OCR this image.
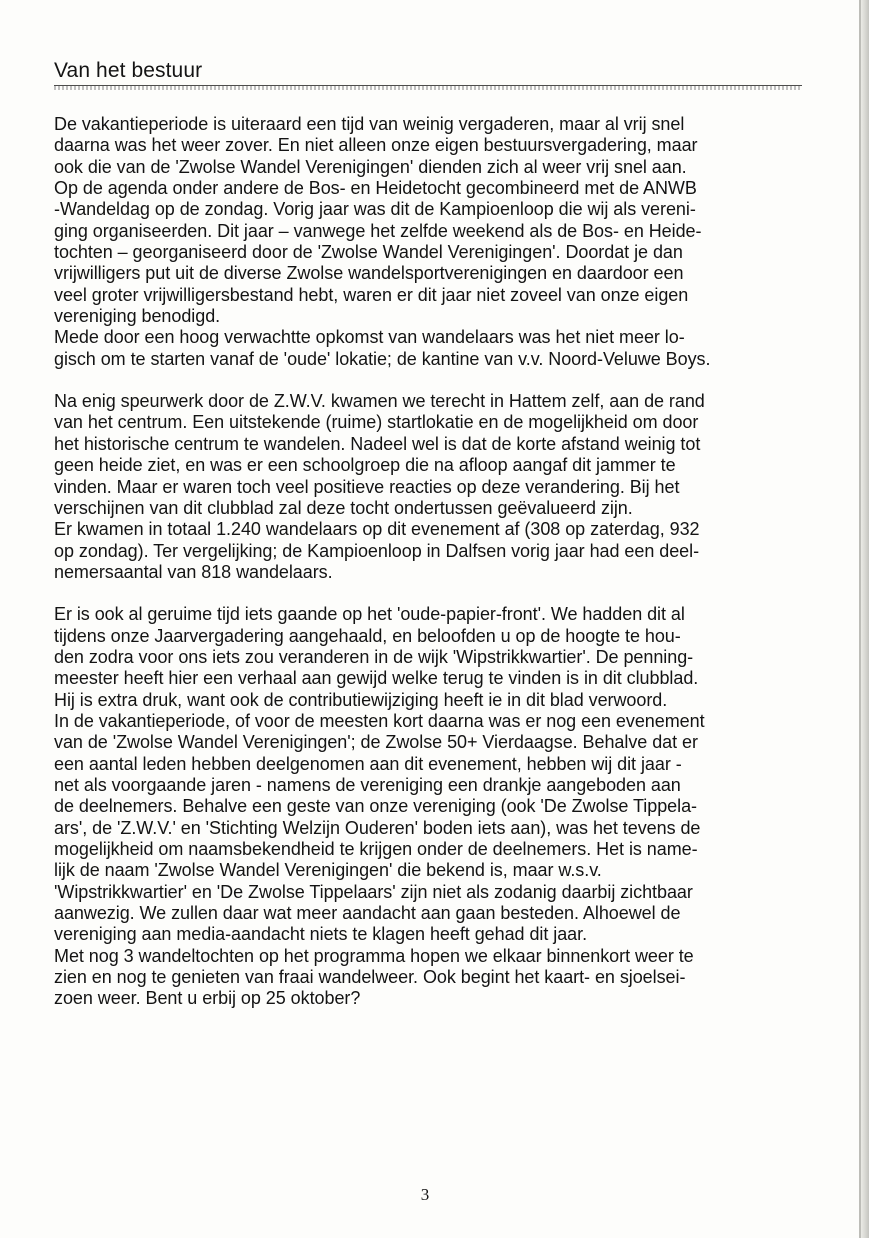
Van het bestuur

De vakantieperiode is uiteraard een tijd van weinig vergaderen, maar al vrij snel
daarna was het weer zover. En niet alleen onze eigen bestuursvergadering, maar
ook die van de 'Zwolse Wandel Verenigingen' dienden zich al weer vrij snel aan.
Op de agenda onder andere de Bos- en Heidetocht gecombineerd met de ANWB
-Wandeldag op de zondag. Vorig jaar was dit de Kampioenloop die wij als vereni-
ging organiseerden. Dit jaar – vanwege het zelfde weekend als de Bos- en Heide-
tochten – georganiseerd door de 'Zwolse Wandel Verenigingen'. Doordat je dan
vrijwilligers put uit de diverse Zwolse wandelsportverenigingen en daardoor een
veel groter vrijwilligersbestand hebt, waren er dit jaar niet zoveel van onze eigen
vereniging benodigd.
Mede door een hoog verwachtte opkomst van wandelaars was het niet meer lo-
gisch om te starten vanaf de 'oude' lokatie; de kantine van v.v. Noord-Veluwe Boys.

Na enig speurwerk door de Z.W.V. kwamen we terecht in Hattem zelf, aan de rand
van het centrum. Een uitstekende (ruime) startlokatie en de mogelijkheid om door
het historische centrum te wandelen. Nadeel wel is dat de korte afstand weinig tot
geen heide ziet, en was er een schoolgroep die na afloop aangaf dit jammer te
vinden. Maar er waren toch veel positieve reacties op deze verandering. Bij het
verschijnen van dit clubblad zal deze tocht ondertussen geëvalueerd zijn.
Er kwamen in totaal 1.240 wandelaars op dit evenement af (308 op zaterdag, 932
op zondag). Ter vergelijking; de Kampioenloop in Dalfsen vorig jaar had een deel-
nemersaantal van 818 wandelaars.

Er is ook al geruime tijd iets gaande op het 'oude-papier-front'. We hadden dit al
tijdens onze Jaarvergadering aangehaald, en beloofden u op de hoogte te hou-
den zodra voor ons iets zou veranderen in de wijk 'Wipstrikkwartier'. De penning-
meester heeft hier een verhaal aan gewijd welke terug te vinden is in dit clubblad.
Hij is extra druk, want ook de contributiewijziging heeft ie in dit blad verwoord.
In de vakantieperiode, of voor de meesten kort daarna was er nog een evenement
van de 'Zwolse Wandel Verenigingen'; de Zwolse 50+ Vierdaagse. Behalve dat er
een aantal leden hebben deelgenomen aan dit evenement, hebben wij dit jaar -
net als voorgaande jaren - namens de vereniging een drankje aangeboden aan
de deelnemers. Behalve een geste van onze vereniging (ook 'De Zwolse Tippela-
ars', de 'Z.W.V.' en 'Stichting Welzijn Ouderen' boden iets aan), was het tevens de
mogelijkheid om naamsbekendheid te krijgen onder de deelnemers. Het is name-
lijk de naam 'Zwolse Wandel Verenigingen' die bekend is, maar w.s.v.
'Wipstrikkwartier' en 'De Zwolse Tippelaars' zijn niet als zodanig daarbij zichtbaar
aanwezig. We zullen daar wat meer aandacht aan gaan besteden. Alhoewel de
vereniging aan media-aandacht niets te klagen heeft gehad dit jaar.
Met nog 3 wandeltochten op het programma hopen we elkaar binnenkort weer te
zien en nog te genieten van fraai wandelweer. Ook begint het kaart- en sjoelsei-
zoen weer. Bent u erbij op 25 oktober?

3
